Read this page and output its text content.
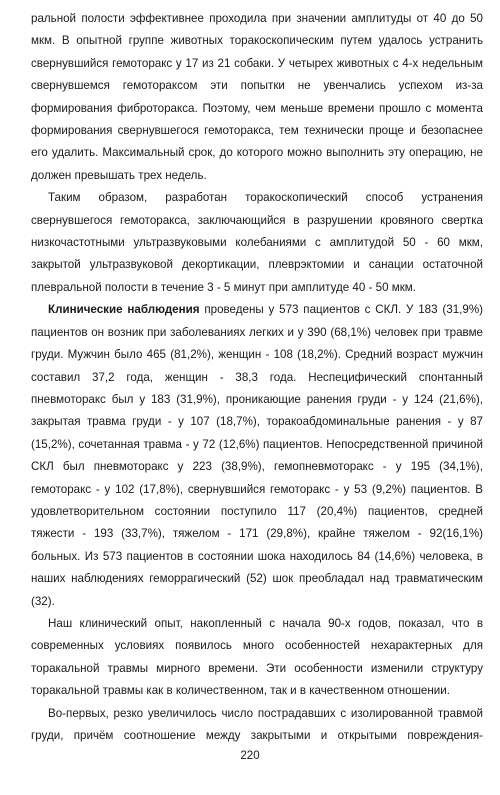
ральной полости эффективнее проходила при значении амплитуды от 40 до 50 мкм. В опытной группе животных торакоскопическим путем удалось устранить свернувшийся гемоторакс у 17 из 21 собаки. У четырех животных с 4-х недельным свернувшемся гемотораксом эти попытки не увенчались успехом из-за формирования фиброторакса. Поэтому, чем меньше времени прошло с момента формирования свернувшегося гемоторакса, тем технически проще и безопаснее его удалить. Максимальный срок, до которого можно выполнить эту операцию, не должен превышать трех недель.

Таким образом, разработан торакоскопический способ устранения свернувшегося гемоторакса, заключающийся в разрушении кровяного свертка низкочастотными ультразвуковыми колебаниями с амплитудой 50 - 60 мкм, закрытой ультразвуковой декортикации, плеврэктомии и санации остаточной плевральной полости в течение 3 - 5 минут при амплитуде 40 - 50 мкм.

Клинические наблюдения проведены у 573 пациентов с СКЛ. У 183 (31,9%) пациентов он возник при заболеваниях легких и у 390 (68,1%) человек при травме груди. Мужчин было 465 (81,2%), женщин - 108 (18,2%). Средний возраст мужчин составил 37,2 года, женщин - 38,3 года. Неспецифический спонтанный пневмоторакс был у 183 (31,9%), проникающие ранения груди - у 124 (21,6%), закрытая травма груди - у 107 (18,7%), торакоабдоминальные ранения - у 87 (15,2%), сочетанная травма - у 72 (12,6%) пациентов. Непосредственной причиной СКЛ был пневмоторакс у 223 (38,9%), гемопневмоторакс - у 195 (34,1%), гемоторакс - у 102 (17,8%), свернувшийся гемоторакс - у 53 (9,2%) пациентов. В удовлетворительном состоянии поступило 117 (20,4%) пациентов, средней тяжести - 193 (33,7%), тяжелом - 171 (29,8%), крайне тяжелом - 92(16,1%) больных. Из 573 пациентов в состоянии шока находилось 84 (14,6%) человека, в наших наблюдениях геморрагический (52) шок преобладал над травматическим (32).

Наш клинический опыт, накопленный с начала 90-х годов, показал, что в современных условиях появилось много особенностей нехарактерных для торакальной травмы мирного времени. Эти особенности изменили структуру торакальной травмы как в количественном, так и в качественном отношении.

Во-первых, резко увеличилось число пострадавших с изолированной травмой груди, причём соотношение между закрытыми и открытыми повреждения-

220
